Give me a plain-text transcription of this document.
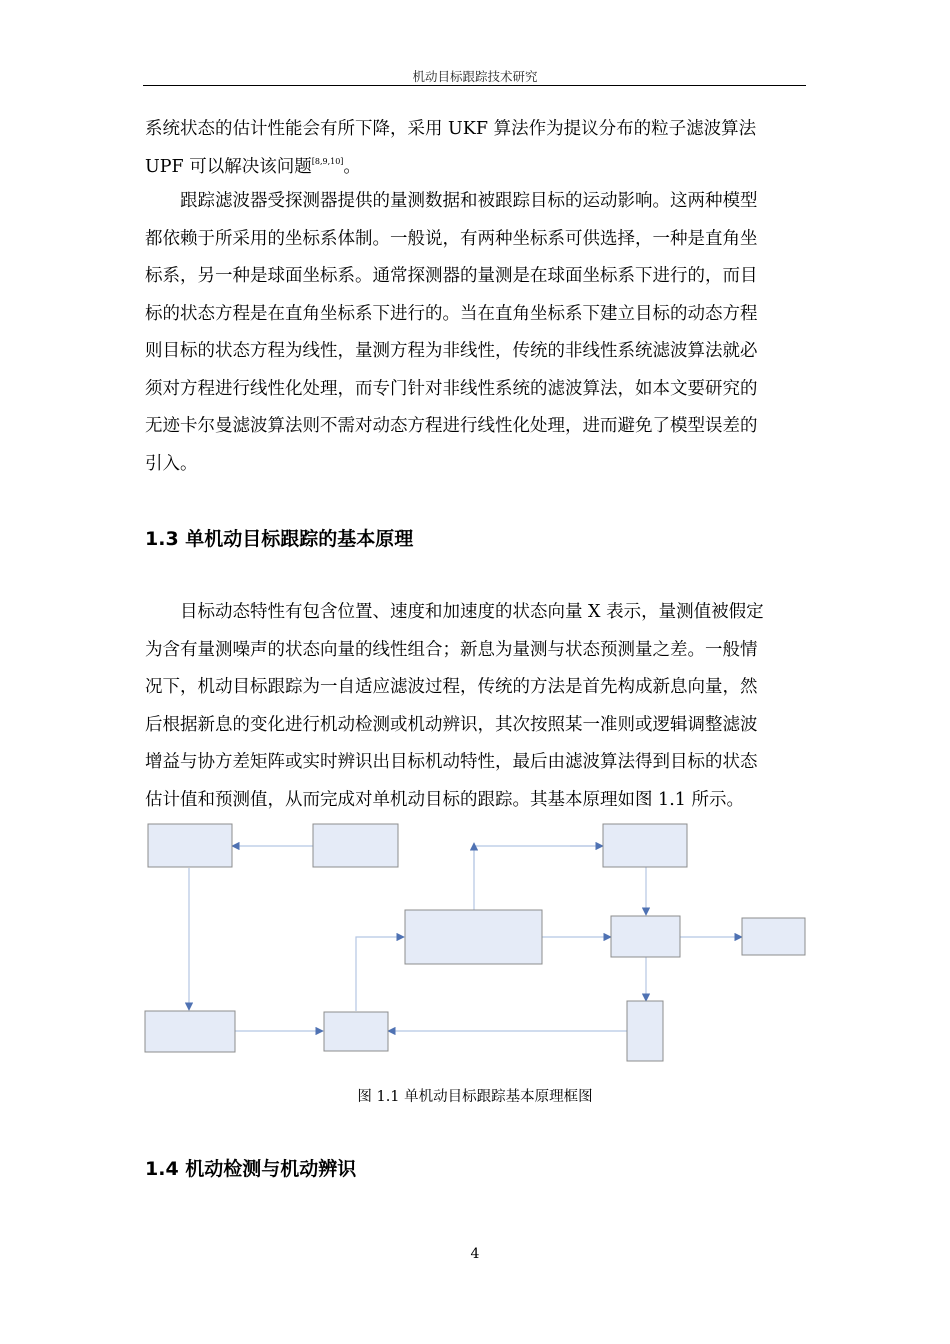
机动目标跟踪技术研究

系统状态的估计性能会有所下降，采用 UKF 算法作为提议分布的粒子滤波算法
UPF 可以解决该问题[8,9,10]。

跟踪滤波器受探测器提供的量测数据和被跟踪目标的运动影响。这两种模型
都依赖于所采用的坐标系体制。一般说，有两种坐标系可供选择，一种是直角坐
标系，另一种是球面坐标系。通常探测器的量测是在球面坐标系下进行的，而目
标的状态方程是在直角坐标系下进行的。当在直角坐标系下建立目标的动态方程
则目标的状态方程为线性，量测方程为非线性，传统的非线性系统滤波算法就必
须对方程进行线性化处理，而专门针对非线性系统的滤波算法，如本文要研究的
无迹卡尔曼滤波算法则不需对动态方程进行线性化处理，进而避免了模型误差的
引入。

1.3 单机动目标跟踪的基本原理

目标动态特性有包含位置、速度和加速度的状态向量 X 表示，量测值被假定
为含有量测噪声的状态向量的线性组合；新息为量测与状态预测量之差。一般情
况下，机动目标跟踪为一自适应滤波过程，传统的方法是首先构成新息向量，然
后根据新息的变化进行机动检测或机动辨识，其次按照某一准则或逻辑调整滤波
增益与协方差矩阵或实时辨识出目标机动特性，最后由滤波算法得到目标的状态
估计值和预测值，从而完成对单机动目标的跟踪。其基本原理如图 1.1 所示。

图 1.1 单机动目标跟踪基本原理框图
1.4 机动检测与机动辨识
4
